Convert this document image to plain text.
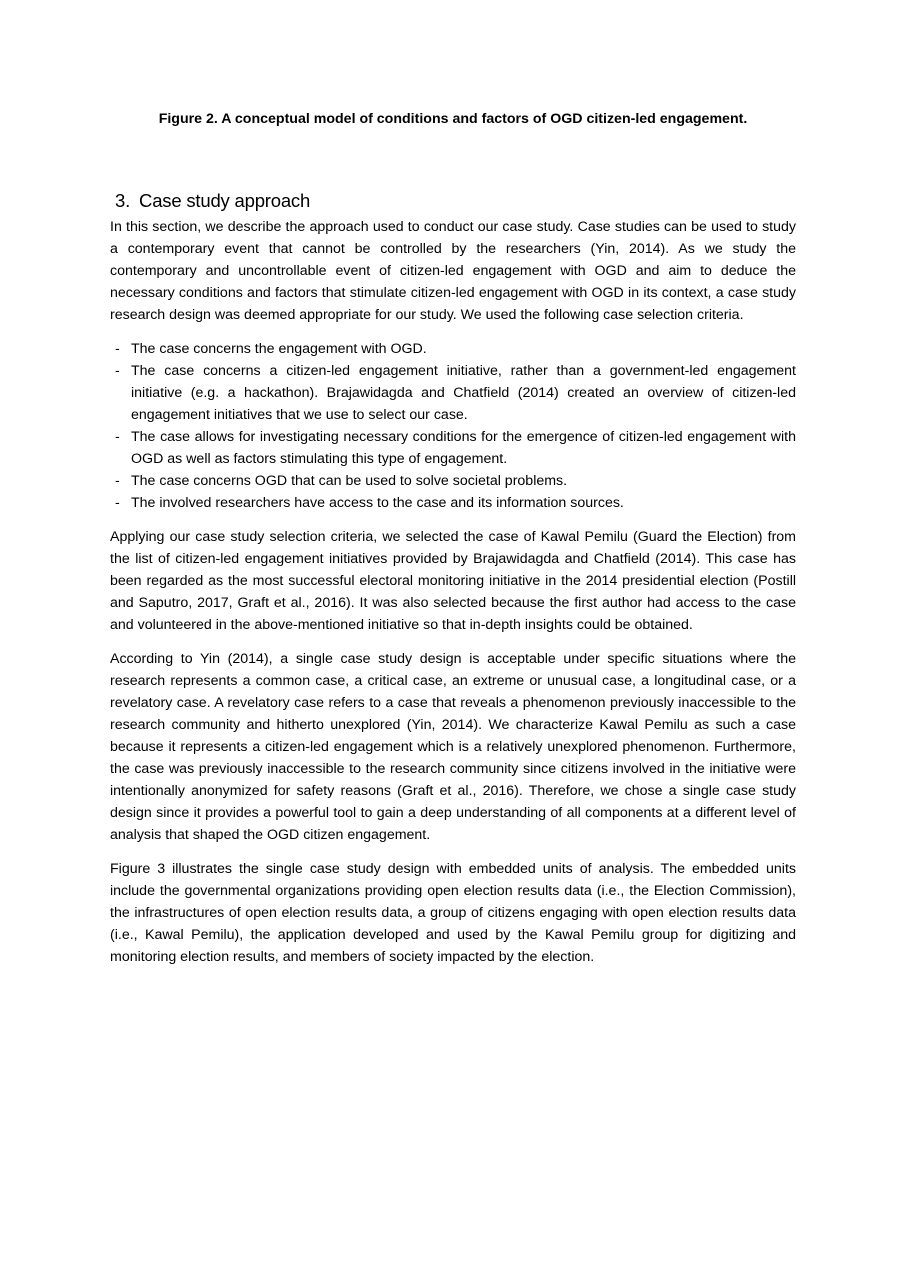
Figure 2. A conceptual model of conditions and factors of OGD citizen-led engagement.
3. Case study approach

In this section, we describe the approach used to conduct our case study. Case studies can be used to study a contemporary event that cannot be controlled by the researchers (Yin, 2014). As we study the contemporary and uncontrollable event of citizen-led engagement with OGD and aim to deduce the necessary conditions and factors that stimulate citizen-led engagement with OGD in its context, a case study research design was deemed appropriate for our study. We used the following case selection criteria.

- The case concerns the engagement with OGD.
- The case concerns a citizen-led engagement initiative, rather than a government-led engagement initiative (e.g. a hackathon). Brajawidagda and Chatfield (2014) created an overview of citizen-led engagement initiatives that we use to select our case.
- The case allows for investigating necessary conditions for the emergence of citizen-led engagement with OGD as well as factors stimulating this type of engagement.
- The case concerns OGD that can be used to solve societal problems.
- The involved researchers have access to the case and its information sources.

Applying our case study selection criteria, we selected the case of Kawal Pemilu (Guard the Election) from the list of citizen-led engagement initiatives provided by Brajawidagda and Chatfield (2014). This case has been regarded as the most successful electoral monitoring initiative in the 2014 presidential election (Postill and Saputro, 2017, Graft et al., 2016). It was also selected because the first author had access to the case and volunteered in the above-mentioned initiative so that in-depth insights could be obtained.

According to Yin (2014), a single case study design is acceptable under specific situations where the research represents a common case, a critical case, an extreme or unusual case, a longitudinal case, or a revelatory case. A revelatory case refers to a case that reveals a phenomenon previously inaccessible to the research community and hitherto unexplored (Yin, 2014). We characterize Kawal Pemilu as such a case because it represents a citizen-led engagement which is a relatively unexplored phenomenon. Furthermore, the case was previously inaccessible to the research community since citizens involved in the initiative were intentionally anonymized for safety reasons (Graft et al., 2016). Therefore, we chose a single case study design since it provides a powerful tool to gain a deep understanding of all components at a different level of analysis that shaped the OGD citizen engagement.

Figure 3 illustrates the single case study design with embedded units of analysis. The embedded units include the governmental organizations providing open election results data (i.e., the Election Commission), the infrastructures of open election results data, a group of citizens engaging with open election results data (i.e., Kawal Pemilu), the application developed and used by the Kawal Pemilu group for digitizing and monitoring election results, and members of society impacted by the election.
